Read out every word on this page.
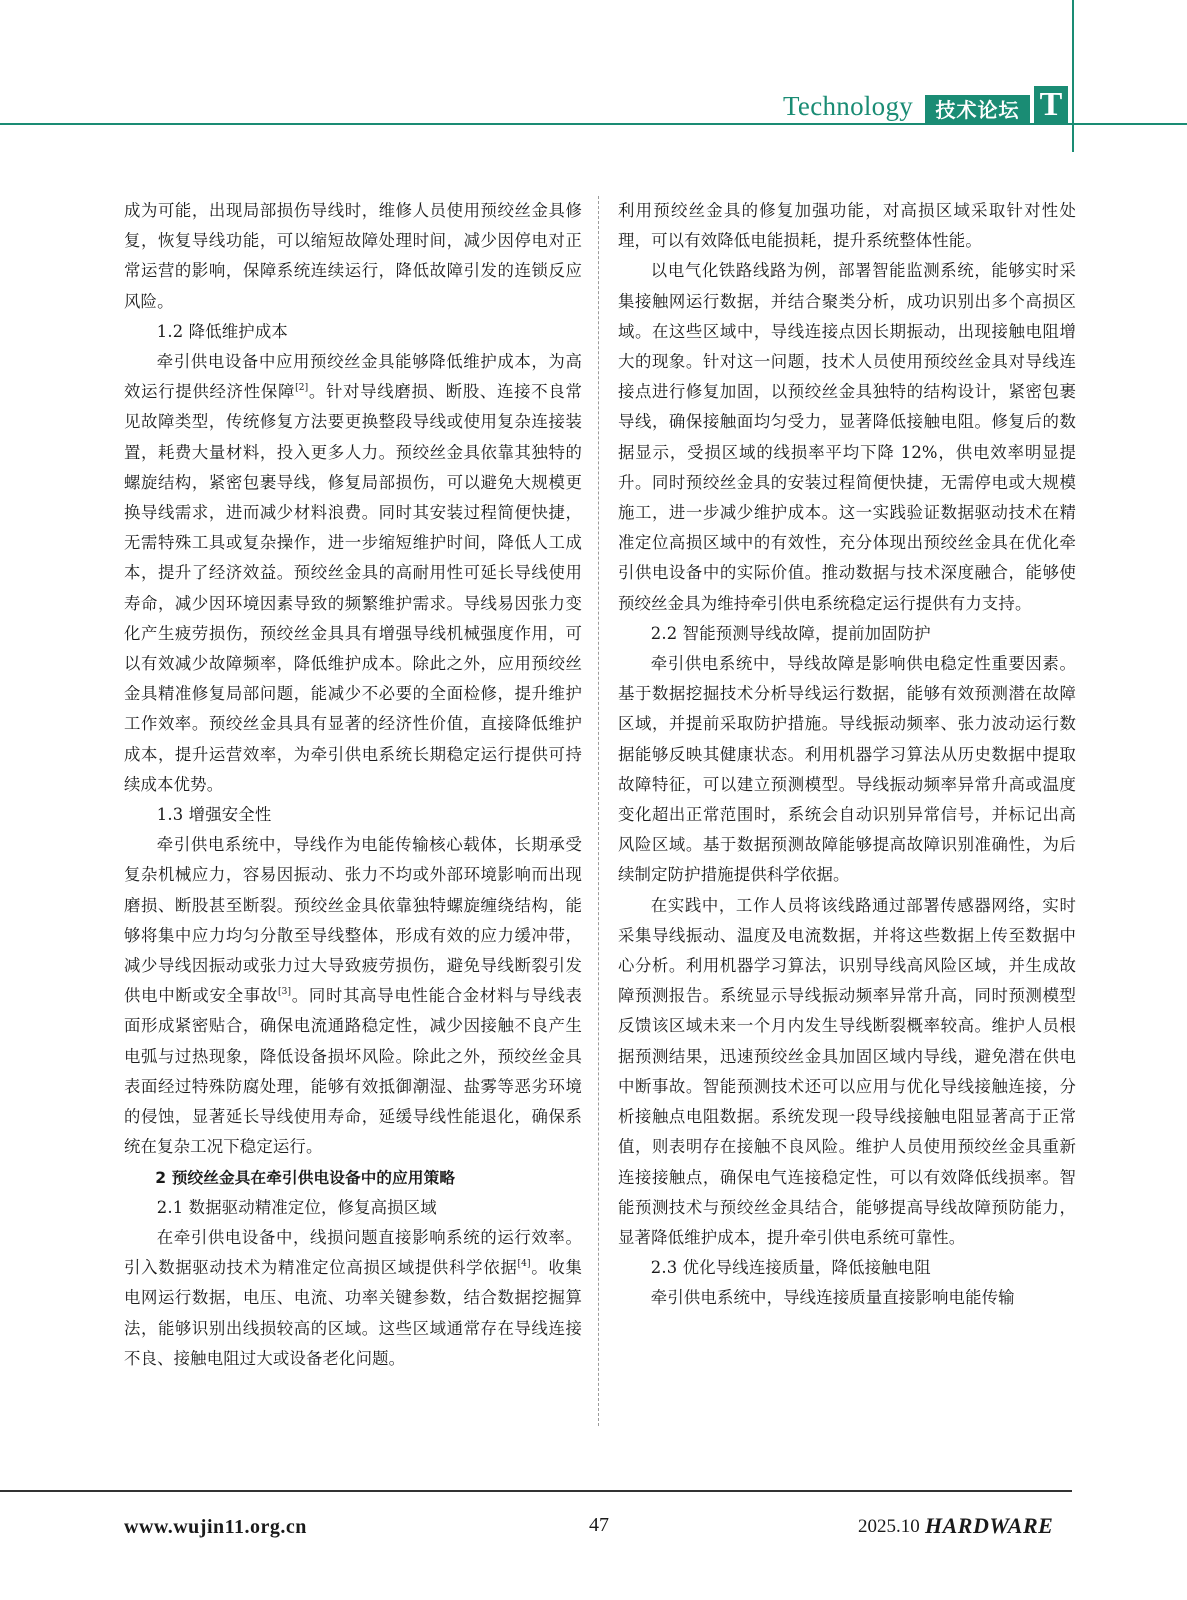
Technology	技术论坛 T

成为可能，出现局部损伤导线时，维修人员使用预绞丝金具修复，恢复导线功能，可以缩短故障处理时间，减少因停电对正常运营的影响，保障系统连续运行，降低故障引发的连锁反应风险。

1.2 降低维护成本

牵引供电设备中应用预绞丝金具能够降低维护成本，为高效运行提供经济性保障[2]。针对导线磨损、断股、连接不良常见故障类型，传统修复方法要更换整段导线或使用复杂连接装置，耗费大量材料，投入更多人力。预绞丝金具依靠其独特的螺旋结构，紧密包裹导线，修复局部损伤，可以避免大规模更换导线需求，进而减少材料浪费。同时其安装过程简便快捷，无需特殊工具或复杂操作，进一步缩短维护时间，降低人工成本，提升了经济效益。预绞丝金具的高耐用性可延长导线使用寿命，减少因环境因素导致的频繁维护需求。导线易因张力变化产生疲劳损伤，预绞丝金具具有增强导线机械强度作用，可以有效减少故障频率，降低维护成本。除此之外，应用预绞丝金具精准修复局部问题，能减少不必要的全面检修，提升维护工作效率。预绞丝金具具有显著的经济性价值，直接降低维护成本，提升运营效率，为牵引供电系统长期稳定运行提供可持续成本优势。

1.3 增强安全性

牵引供电系统中，导线作为电能传输核心载体，长期承受复杂机械应力，容易因振动、张力不均或外部环境影响而出现磨损、断股甚至断裂。预绞丝金具依靠独特螺旋缠绕结构，能够将集中应力均匀分散至导线整体，形成有效的应力缓冲带，减少导线因振动或张力过大导致疲劳损伤，避免导线断裂引发供电中断或安全事故[3]。同时其高导电性能合金材料与导线表面形成紧密贴合，确保电流通路稳定性，减少因接触不良产生电弧与过热现象，降低设备损坏风险。除此之外，预绞丝金具表面经过特殊防腐处理，能够有效抵御潮湿、盐雾等恶劣环境的侵蚀，显著延长导线使用寿命，延缓导线性能退化，确保系统在复杂工况下稳定运行。

2 预绞丝金具在牵引供电设备中的应用策略

2.1 数据驱动精准定位，修复高损区域

在牵引供电设备中，线损问题直接影响系统的运行效率。引入数据驱动技术为精准定位高损区域提供科学依据[4]。收集电网运行数据，电压、电流、功率关键参数，结合数据挖掘算法，能够识别出线损较高的区域。这些区域通常存在导线连接不良、接触电阻过大或设备老化问题。

利用预绞丝金具的修复加强功能，对高损区域采取针对性处理，可以有效降低电能损耗，提升系统整体性能。

以电气化铁路线路为例，部署智能监测系统，能够实时采集接触网运行数据，并结合聚类分析，成功识别出多个高损区域。在这些区域中，导线连接点因长期振动，出现接触电阻增大的现象。针对这一问题，技术人员使用预绞丝金具对导线连接点进行修复加固，以预绞丝金具独特的结构设计，紧密包裹导线，确保接触面均匀受力，显著降低接触电阻。修复后的数据显示，受损区域的线损率平均下降 12%，供电效率明显提升。同时预绞丝金具的安装过程简便快捷，无需停电或大规模施工，进一步减少维护成本。这一实践验证数据驱动技术在精准定位高损区域中的有效性，充分体现出预绞丝金具在优化牵引供电设备中的实际价值。推动数据与技术深度融合，能够使预绞丝金具为维持牵引供电系统稳定运行提供有力支持。

2.2 智能预测导线故障，提前加固防护

牵引供电系统中，导线故障是影响供电稳定性重要因素。基于数据挖掘技术分析导线运行数据，能够有效预测潜在故障区域，并提前采取防护措施。导线振动频率、张力波动运行数据能够反映其健康状态。利用机器学习算法从历史数据中提取故障特征，可以建立预测模型。导线振动频率异常升高或温度变化超出正常范围时，系统会自动识别异常信号，并标记出高风险区域。基于数据预测故障能够提高故障识别准确性，为后续制定防护措施提供科学依据。

在实践中，工作人员将该线路通过部署传感器网络，实时采集导线振动、温度及电流数据，并将这些数据上传至数据中心分析。利用机器学习算法，识别导线高风险区域，并生成故障预测报告。系统显示导线振动频率异常升高，同时预测模型反馈该区域未来一个月内发生导线断裂概率较高。维护人员根据预测结果，迅速预绞丝金具加固区域内导线，避免潜在供电中断事故。智能预测技术还可以应用与优化导线接触连接，分析接触点电阻数据。系统发现一段导线接触电阻显著高于正常值，则表明存在接触不良风险。维护人员使用预绞丝金具重新连接接触点，确保电气连接稳定性，可以有效降低线损率。智能预测技术与预绞丝金具结合，能够提高导线故障预防能力，显著降低维护成本，提升牵引供电系统可靠性。

2.3 优化导线连接质量，降低接触电阻

牵引供电系统中，导线连接质量直接影响电能传输

www.wujin11.org.cn	47	2025.10 HARDWARE
